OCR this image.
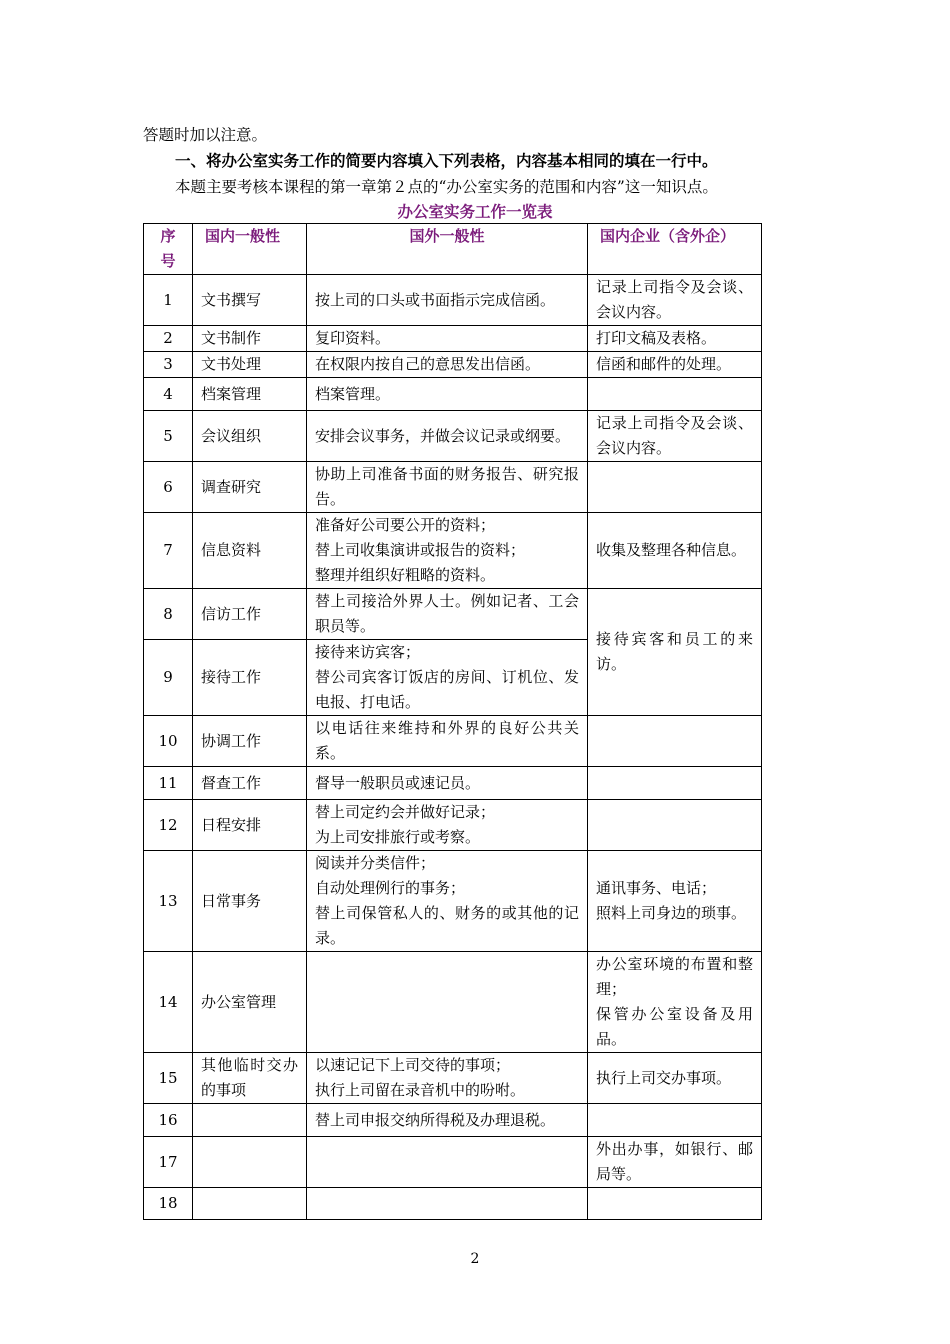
答题时加以注意。
一、将办公室实务工作的简要内容填入下列表格，内容基本相同的填在一行中。
本题主要考核本课程的第一章第２点的“办公室实务的范围和内容”这一知识点。
办公室实务工作一览表
序
号	国内一般性	国外一般性	国内企业（含外企）
1	文书撰写	按上司的口头或书面指示完成信函。	记录上司指令及会谈、会议内容。

2	文书制作	复印资料。	打印文稿及表格。

3	文书处理	在权限内按自己的意思发出信函。	信函和邮件的处理。

4	档案管理	档案管理。	

5	会议组织	安排会议事务，并做会议记录或纲要。	记录上司指令及会谈、会议内容。

6	调查研究	协助上司准备书面的财务报告、研究报告。	

7	信息资料	准备好公司要公开的资料；
替上司收集演讲或报告的资料；
整理并组织好粗略的资料。	收集及整理各种信息。

8	信访工作	替上司接洽外界人士。例如记者、工会职员等。	接待宾客和员工的来访。

9	接待工作	接待来访宾客；
替公司宾客订饭店的房间、订机位、发电报、打电话。	

10	协调工作	以电话往来维持和外界的良好公共关系。	

11	督查工作	督导一般职员或速记员。	

12	日程安排	替上司定约会并做好记录；
为上司安排旅行或考察。	

13	日常事务	阅读并分类信件；
自动处理例行的事务；
替上司保管私人的、财务的或其他的记录。	通讯事务、电话；
照料上司身边的琐事。

14	办公室管理		办公室环境的布置和整理；
保管办公室设备及用品。

15	其他临时交办的事项	以速记记下上司交待的事项；
执行上司留在录音机中的吩咐。	执行上司交办事项。

16		替上司申报交纳所得税及办理退税。	

17			外出办事，如银行、邮局等。

18			
2
